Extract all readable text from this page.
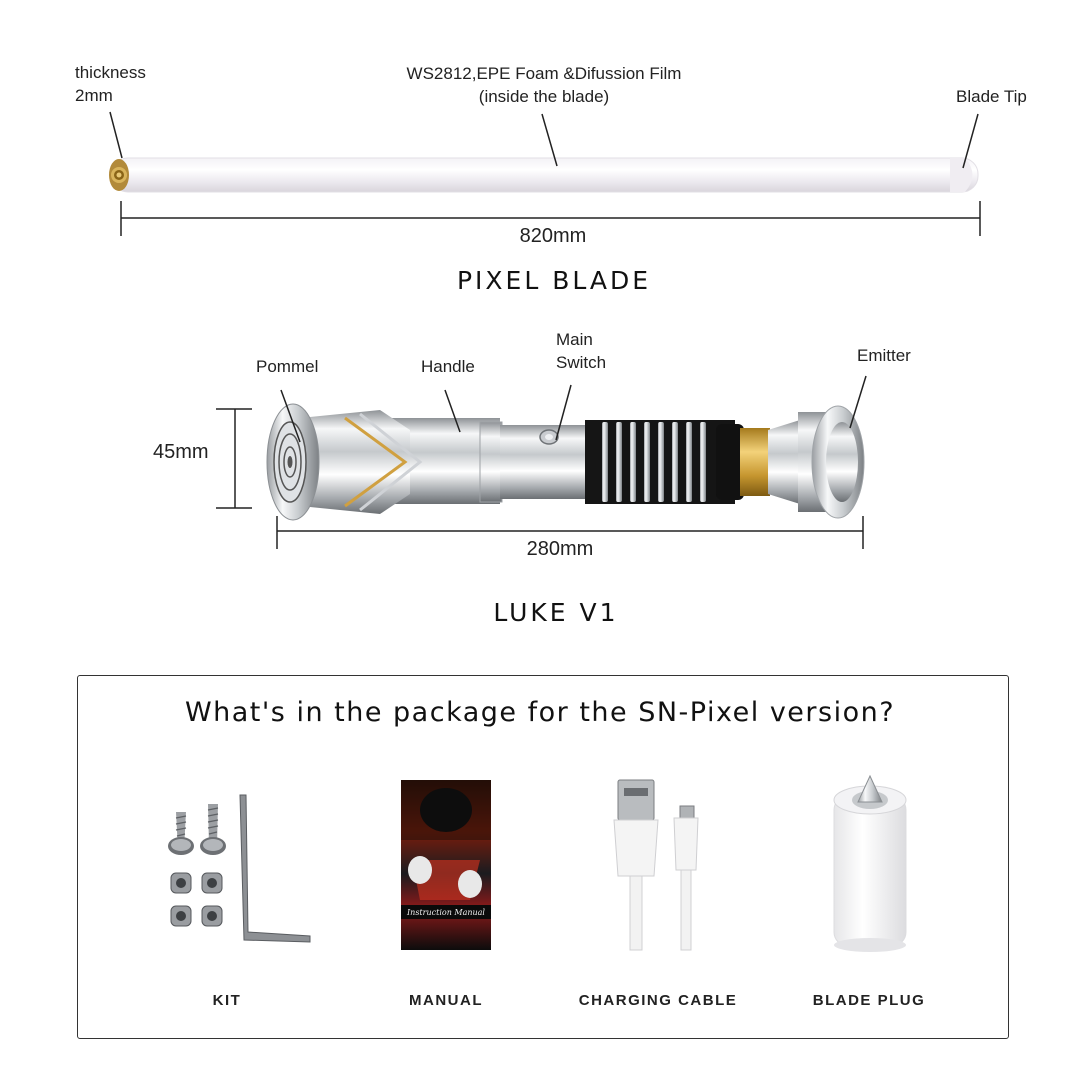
thickness
2mm
WS2812,EPE Foam &Difussion Film
(inside the blade)	Blade Tip
820mm
PIXEL BLADE
Pommel	Handle
Main
Switch	Emitter
45mm
280mm
LUKE V1
What's in the package for the SN-Pixel version?
Instruction Manual
KIT	MANUAL	CHARGING CABLE	BLADE PLUG
